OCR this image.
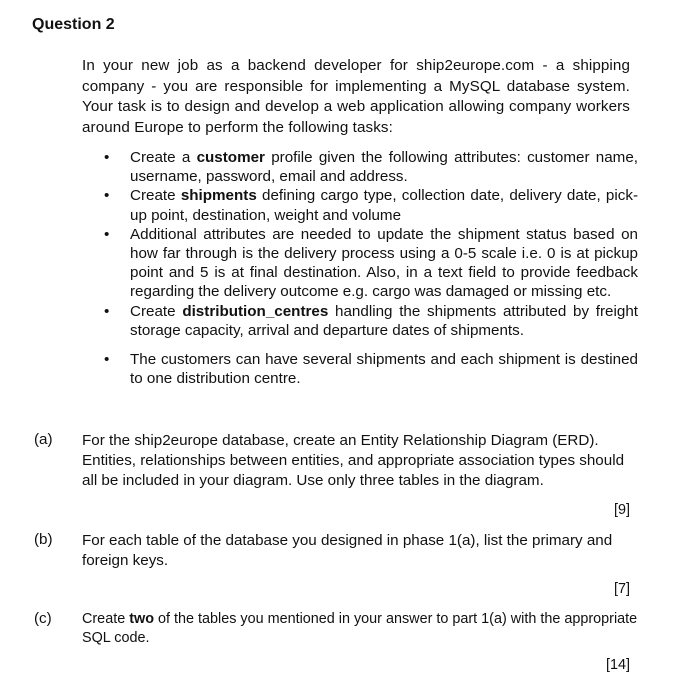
Question 2
In your new job as a backend developer for ship2europe.com - a shipping company - you are responsible for implementing a MySQL database system. Your task is to design and develop a web application allowing company workers around Europe to perform the following tasks:
• Create a customer profile given the following attributes: customer name, username, password, email and address.
• Create shipments defining cargo type, collection date, delivery date, pick-up point, destination, weight and volume
• Additional attributes are needed to update the shipment status based on how far through is the delivery process using a 0-5 scale i.e. 0 is at pickup point and 5 is at final destination. Also, in a text field to provide feedback regarding the delivery outcome e.g. cargo was damaged or missing etc.
• Create distribution_centres handling the shipments attributed by freight storage capacity, arrival and departure dates of shipments.
• The customers can have several shipments and each shipment is destined to one distribution centre.
(a) For the ship2europe database, create an Entity Relationship Diagram (ERD). Entities, relationships between entities, and appropriate association types should all be included in your diagram. Use only three tables in the diagram.
[9]
(b) For each table of the database you designed in phase 1(a), list the primary and foreign keys.
[7]
(c) Create two of the tables you mentioned in your answer to part 1(a) with the appropriate SQL code.
[14]
